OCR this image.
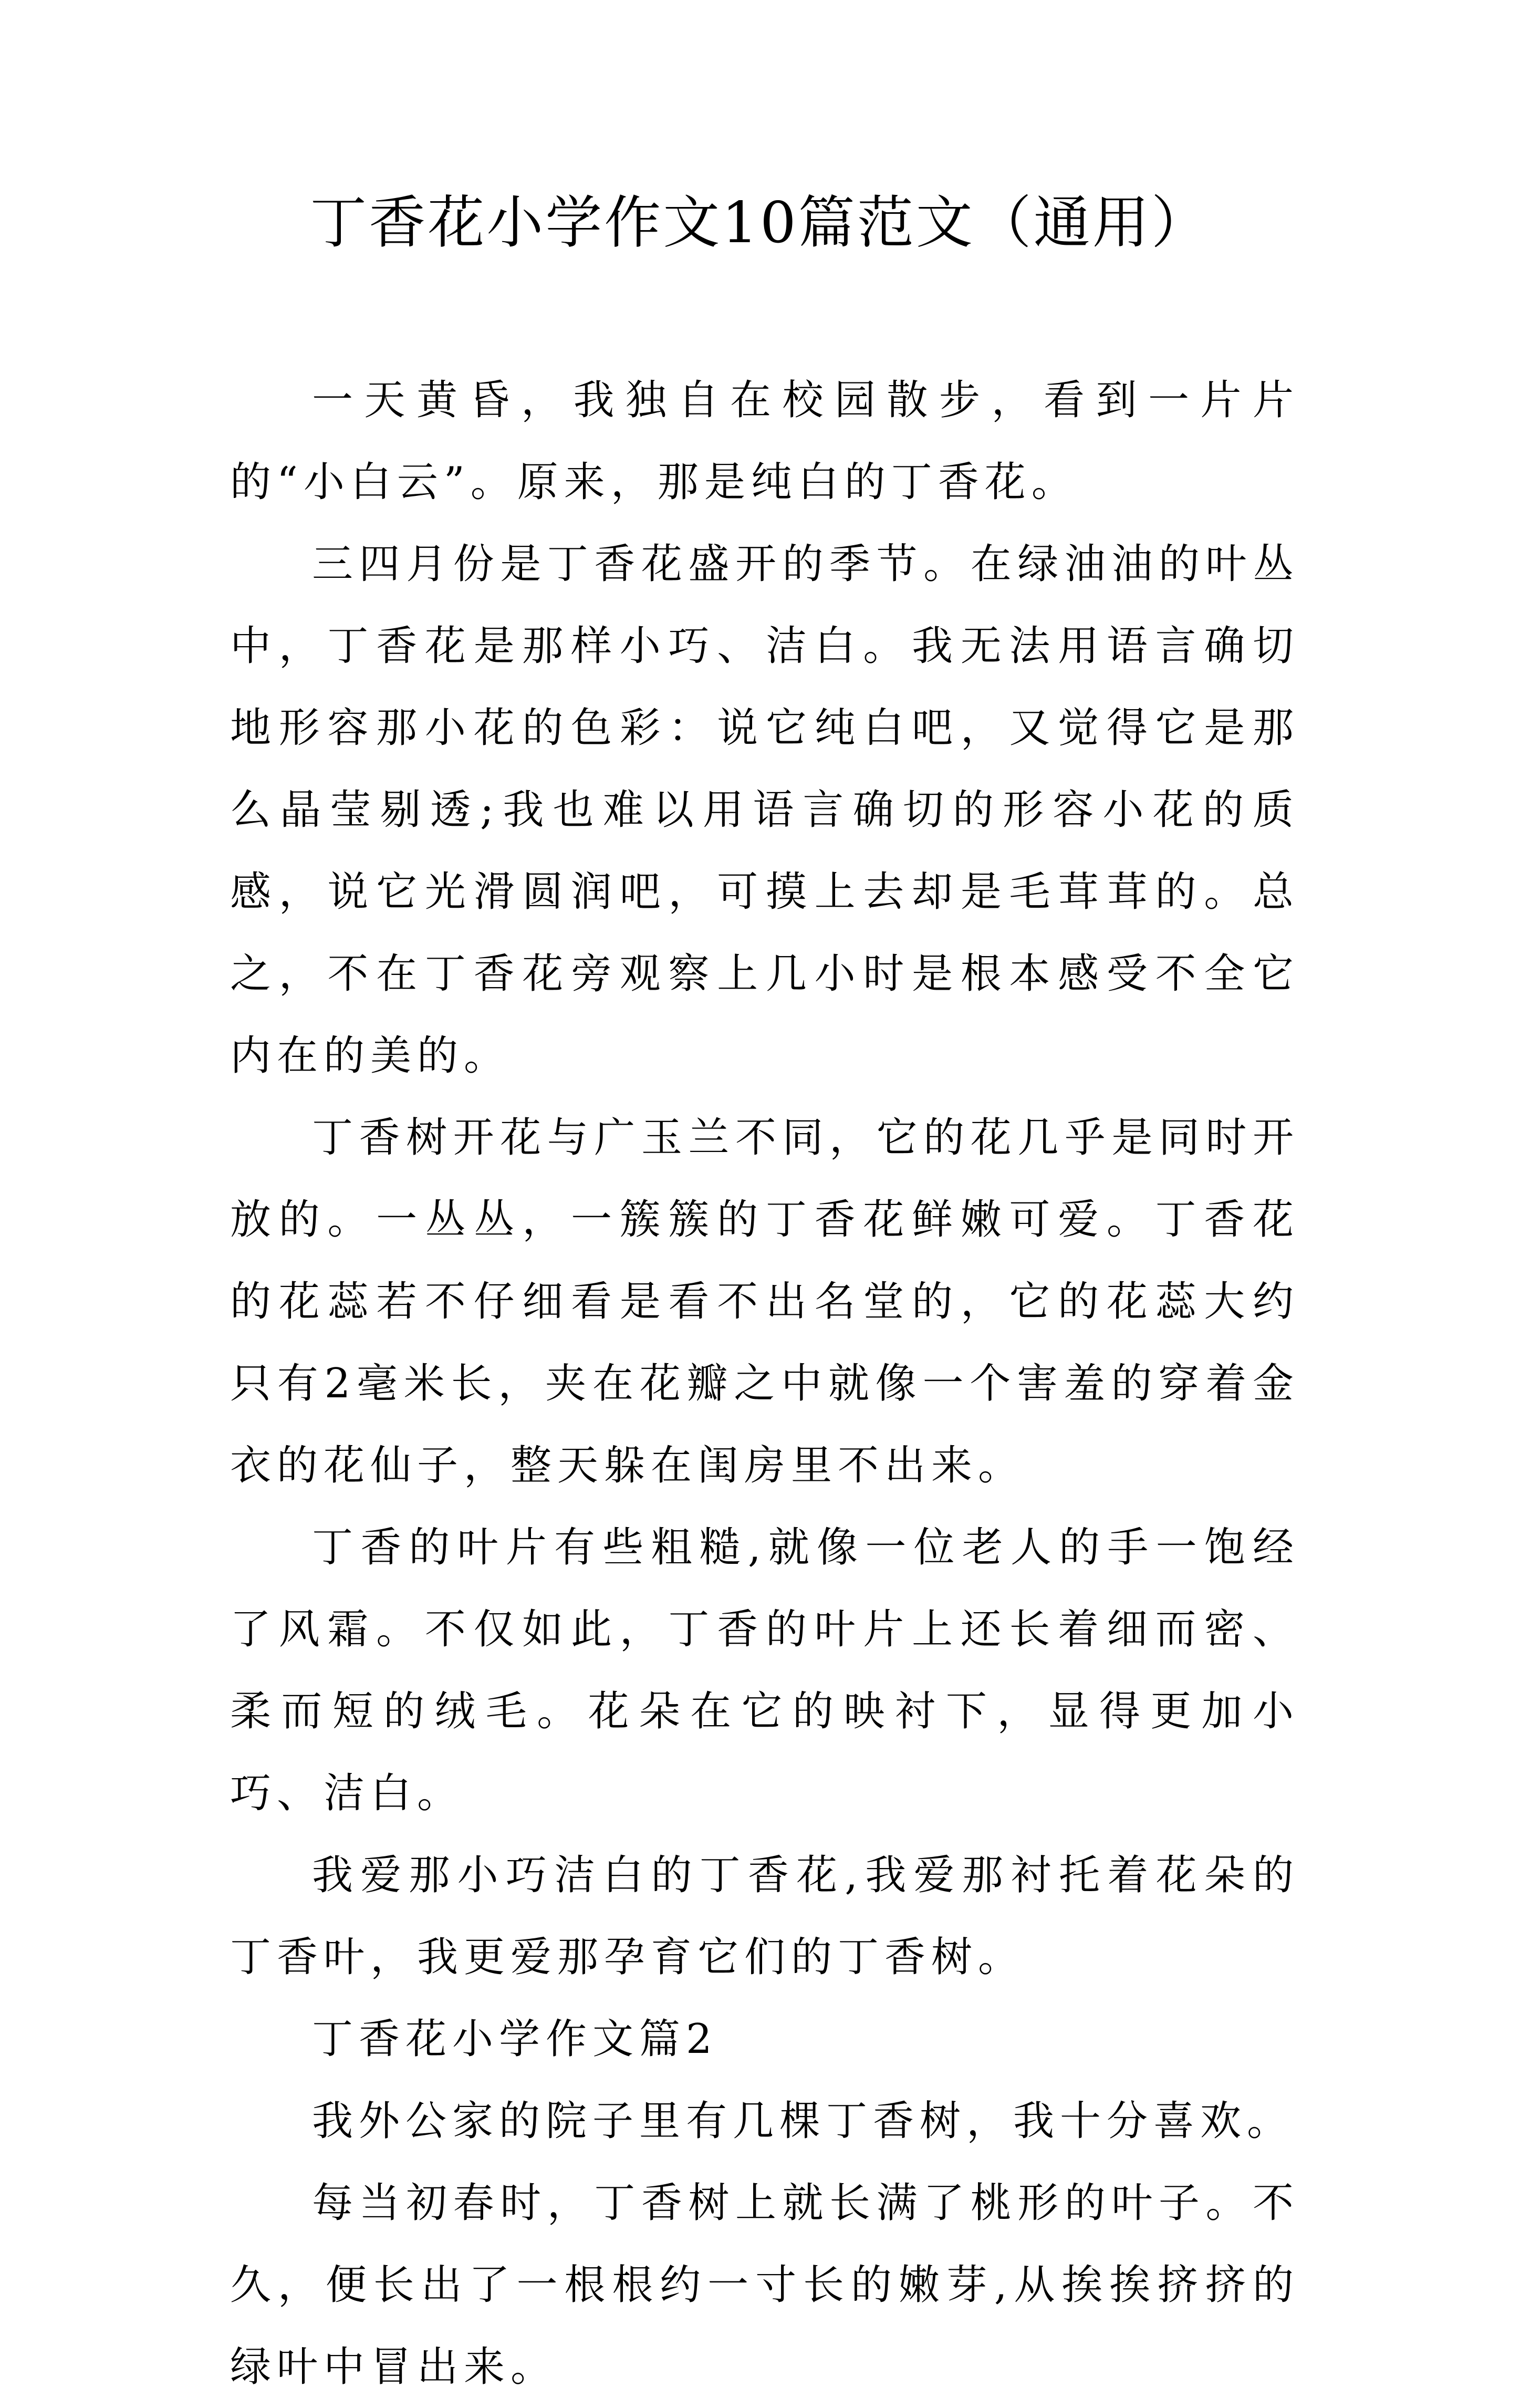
丁香花小学作文10篇范文（通用）

一天黄昏，我独自在校园散步，看到一片片的“小白云”。原来，那是纯白的丁香花。

三四月份是丁香花盛开的季节。在绿油油的叶丛中，丁香花是那样小巧、洁白。我无法用语言确切地形容那小花的色彩：说它纯白吧，又觉得它是那么晶莹剔透;我也难以用语言确切的形容小花的质感，说它光滑圆润吧，可摸上去却是毛茸茸的。总之，不在丁香花旁观察上几小时是根本感受不全它内在的美的。

丁香树开花与广玉兰不同，它的花几乎是同时开放的。一丛丛，一簇簇的丁香花鲜嫩可爱。丁香花的花蕊若不仔细看是看不出名堂的，它的花蕊大约只有2毫米长，夹在花瓣之中就像一个害羞的穿着金衣的花仙子，整天躲在闺房里不出来。

丁香的叶片有些粗糙,就像一位老人的手一饱经了风霜。不仅如此，丁香的叶片上还长着细而密、柔而短的绒毛。花朵在它的映衬下，显得更加小巧、洁白。

我爱那小巧洁白的丁香花,我爱那衬托着花朵的丁香叶，我更爱那孕育它们的丁香树。

丁香花小学作文篇2

我外公家的院子里有几棵丁香树，我十分喜欢。

每当初春时，丁香树上就长满了桃形的叶子。不久，便长出了一根根约一寸长的嫩芽,从挨挨挤挤的绿叶中冒出来。
